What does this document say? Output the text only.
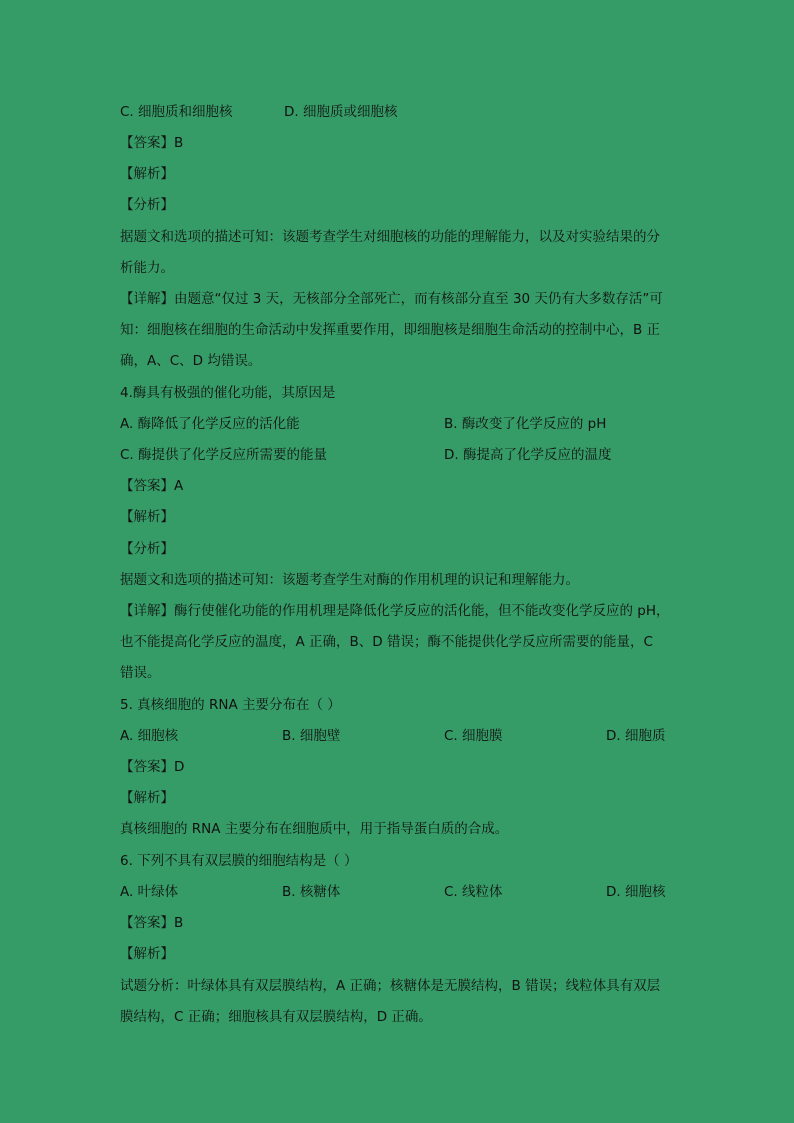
C. 细胞质和细胞核	D. 细胞质或细胞核
【答案】B
【解析】
【分析】
据题文和选项的描述可知：该题考查学生对细胞核的功能的理解能力，以及对实验结果的分
析能力。
【详解】由题意“仅过 3 天，无核部分全部死亡，而有核部分直至 30 天仍有大多数存活”可
知：细胞核在细胞的生命活动中发挥重要作用，即细胞核是细胞生命活动的控制中心，B 正
确，A、C、D 均错误。
4.酶具有极强的催化功能，其原因是
A. 酶降低了化学反应的活化能	B. 酶改变了化学反应的 pH
C. 酶提供了化学反应所需要的能量	D. 酶提高了化学反应的温度
【答案】A
【解析】
【分析】
据题文和选项的描述可知：该题考查学生对酶的作用机理的识记和理解能力。
【详解】酶行使催化功能的作用机理是降低化学反应的活化能，但不能改变化学反应的 pH，
也不能提高化学反应的温度，A 正确，B、D 错误；酶不能提供化学反应所需要的能量，C
错误。
5. 真核细胞的 RNA 主要分布在（ ）
A. 细胞核	B. 细胞壁	C. 细胞膜	D. 细胞质
【答案】D
【解析】
真核细胞的 RNA 主要分布在细胞质中，用于指导蛋白质的合成。
6. 下列不具有双层膜的细胞结构是（ ）
A. 叶绿体	B. 核糖体	C. 线粒体	D. 细胞核
【答案】B
【解析】
试题分析：叶绿体具有双层膜结构，A 正确；核糖体是无膜结构，B 错误；线粒体具有双层
膜结构，C 正确；细胞核具有双层膜结构，D 正确。
